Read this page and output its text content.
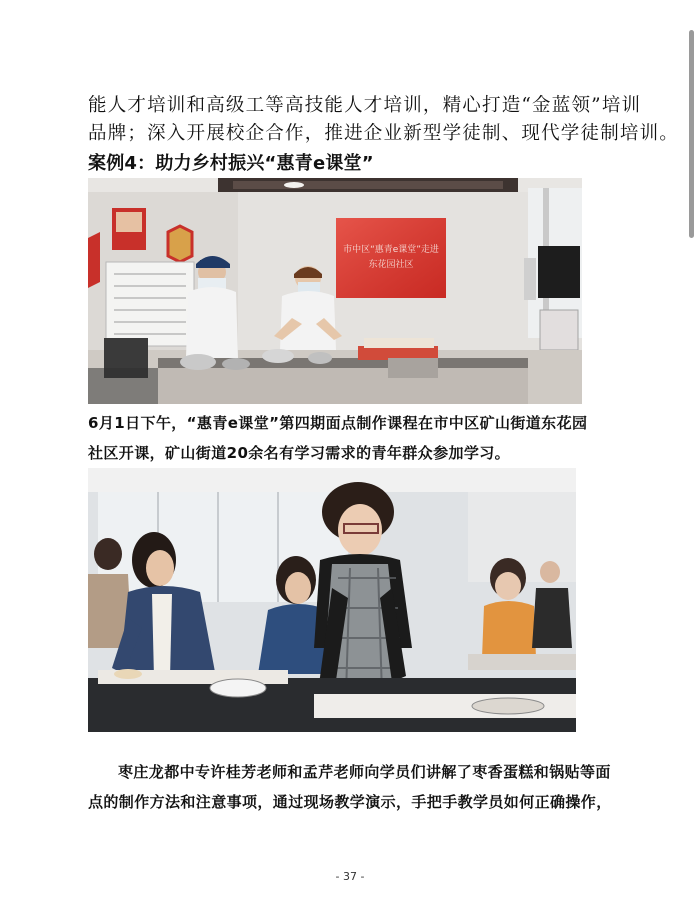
能人才培训和高级工等高技能人才培训，精心打造“金蓝领”培训
品牌；深入开展校企合作，推进企业新型学徒制、现代学徒制培训。
案例4：助力乡村振兴“惠青e课堂”
市中区“惠青e课堂”走进
东花园社区
6月1日下午，“惠青e课堂”第四期面点制作课程在市中区矿山街道东花园
社区开课，矿山街道20余名有学习需求的青年群众参加学习。
枣庄龙都中专许桂芳老师和孟芹老师向学员们讲解了枣香蛋糕和锅贴等面
点的制作方法和注意事项，通过现场教学演示，手把手教学员如何正确操作，
- 37 -
